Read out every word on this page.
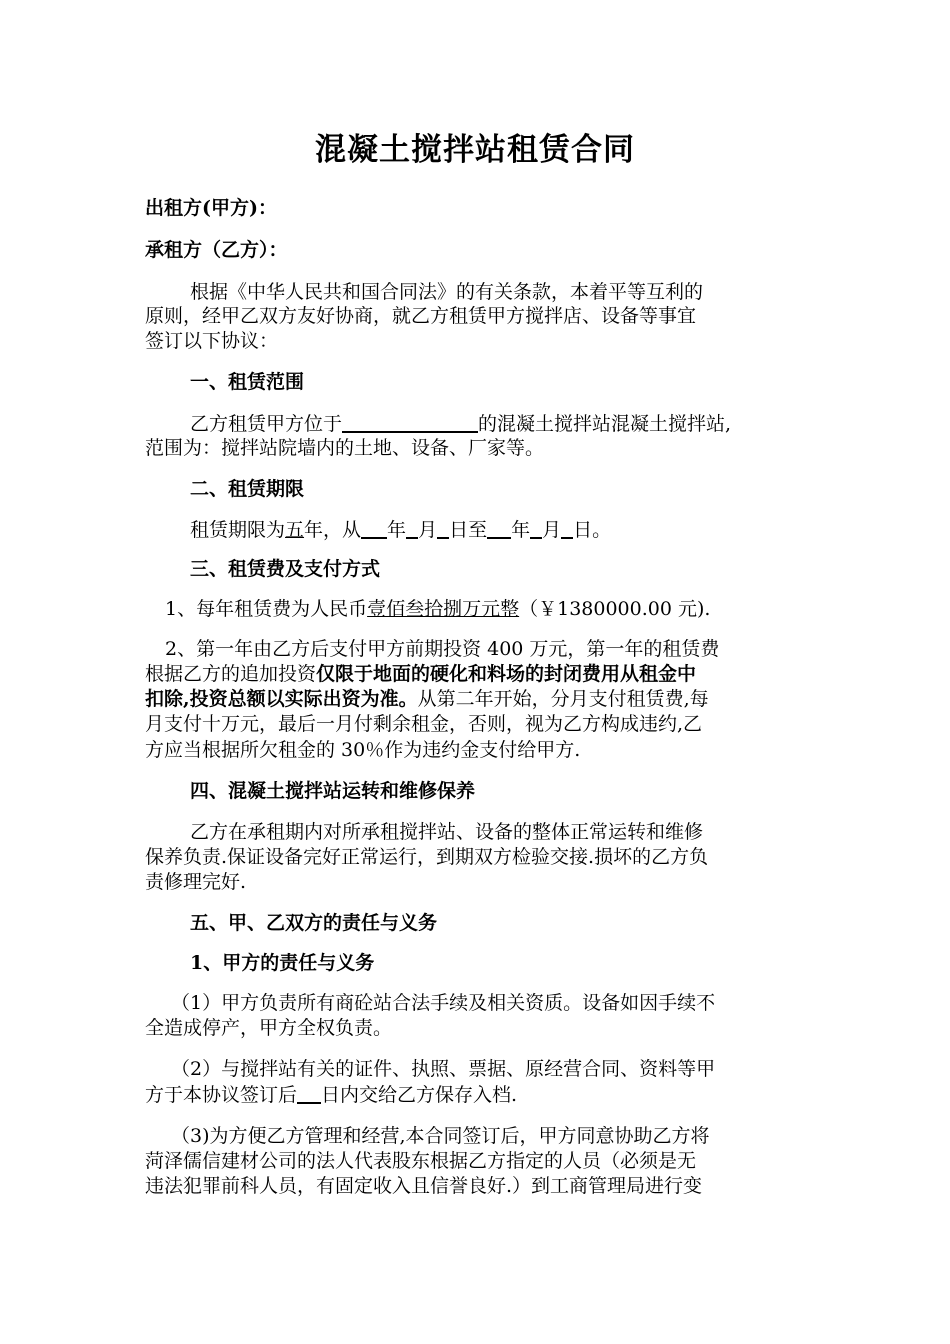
混凝土搅拌站租赁合同
出租方(甲方)：
承租方（乙方）：
根据《中华人民共和国合同法》的有关条款，本着平等互利的
原则，经甲乙双方友好协商，就乙方租赁甲方搅拌店、设备等事宜
签订以下协议：
一、租赁范围
乙方租赁甲方位于	的混凝土搅拌站混凝土搅拌站,
范围为：搅拌站院墙内的土地、设备、厂家等。
二、租赁期限
租赁期限为五年，从 年 月 日至 年 月 日。
三、租赁费及支付方式
1、每年租赁费为人民币壹佰叁拾捌万元整（￥1380000.00 元).
2、第一年由乙方后支付甲方前期投资 400 万元，第一年的租赁费
根据乙方的追加投资仅限于地面的硬化和料场的封闭费用从租金中
扣除,投资总额以实际出资为准。从第二年开始，分月支付租赁费,每
月支付十万元，最后一月付剩余租金，否则，视为乙方构成违约,乙
方应当根据所欠租金的 30％作为违约金支付给甲方.
四、混凝土搅拌站运转和维修保养
乙方在承租期内对所承租搅拌站、设备的整体正常运转和维修
保养负责.保证设备完好正常运行，到期双方检验交接.损坏的乙方负
责修理完好.
五、甲、乙双方的责任与义务
1、甲方的责任与义务
（1）甲方负责所有商砼站合法手续及相关资质。设备如因手续不
全造成停产，甲方全权负责。
（2）与搅拌站有关的证件、执照、票据、原经营合同、资料等甲
方于本协议签订后 日内交给乙方保存入档.
（3)为方便乙方管理和经营,本合同签订后，甲方同意协助乙方将
菏泽儒信建材公司的法人代表股东根据乙方指定的人员（必须是无
违法犯罪前科人员，有固定收入且信誉良好.）到工商管理局进行变
